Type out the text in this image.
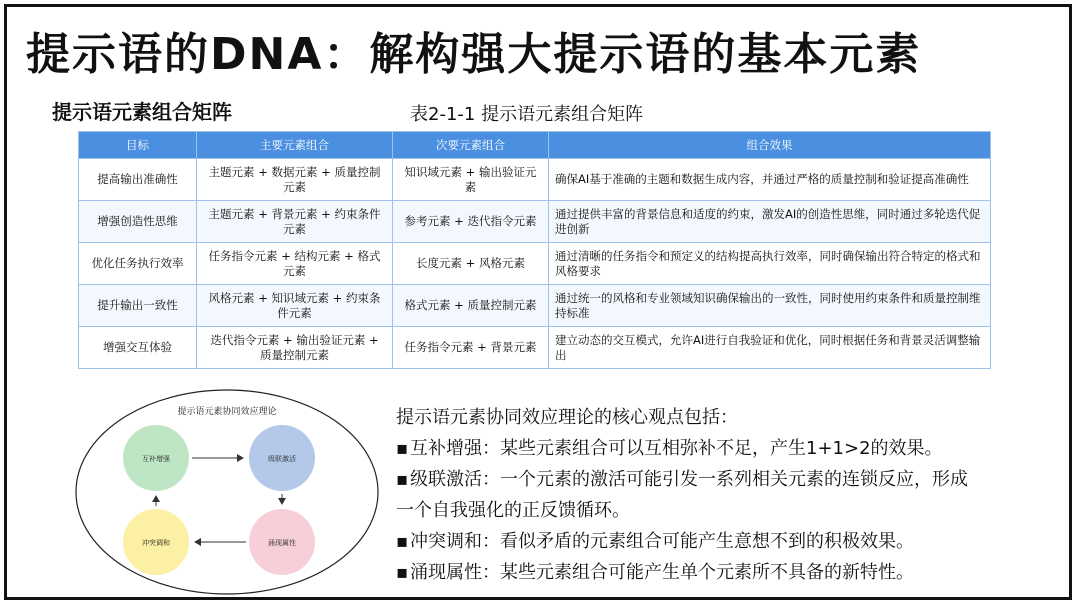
提示语的DNA：解构强大提示语的基本元素
提示语元素组合矩阵	表2-1-1 提示语元素组合矩阵
目标	主要元素组合	次要元素组合	组合效果
提高输出准确性	主题元素 + 数据元素 + 质量控制元素	知识域元素 + 输出验证元素	确保AI基于准确的主题和数据生成内容，并通过严格的质量控制和验证提高准确性
增强创造性思维	主题元素 + 背景元素 + 约束条件元素	参考元素 + 迭代指令元素	通过提供丰富的背景信息和适度的约束，激发AI的创造性思维，同时通过多轮迭代促进创新
优化任务执行效率	任务指令元素 + 结构元素 + 格式元素	长度元素 + 风格元素	通过清晰的任务指令和预定义的结构提高执行效率，同时确保输出符合特定的格式和风格要求
提升输出一致性	风格元素 + 知识域元素 + 约束条件元素	格式元素 + 质量控制元素	通过统一的风格和专业领域知识确保输出的一致性，同时使用约束条件和质量控制维持标准
增强交互体验	迭代指令元素 + 输出验证元素 + 质量控制元素	任务指令元素 + 背景元素	建立动态的交互模式，允许AI进行自我验证和优化，同时根据任务和背景灵活调整输出
提示语元素协同效应理论
互补增强	级联激活
涌现属性
冲突调和
提示语元素协同效应理论的核心观点包括：
▪互补增强：某些元素组合可以互相弥补不足，产生1+1>2的效果。
▪级联激活：一个元素的激活可能引发一系列相关元素的连锁反应，形成
一个自我强化的正反馈循环。
▪冲突调和：看似矛盾的元素组合可能产生意想不到的积极效果。
▪涌现属性：某些元素组合可能产生单个元素所不具备的新特性。
